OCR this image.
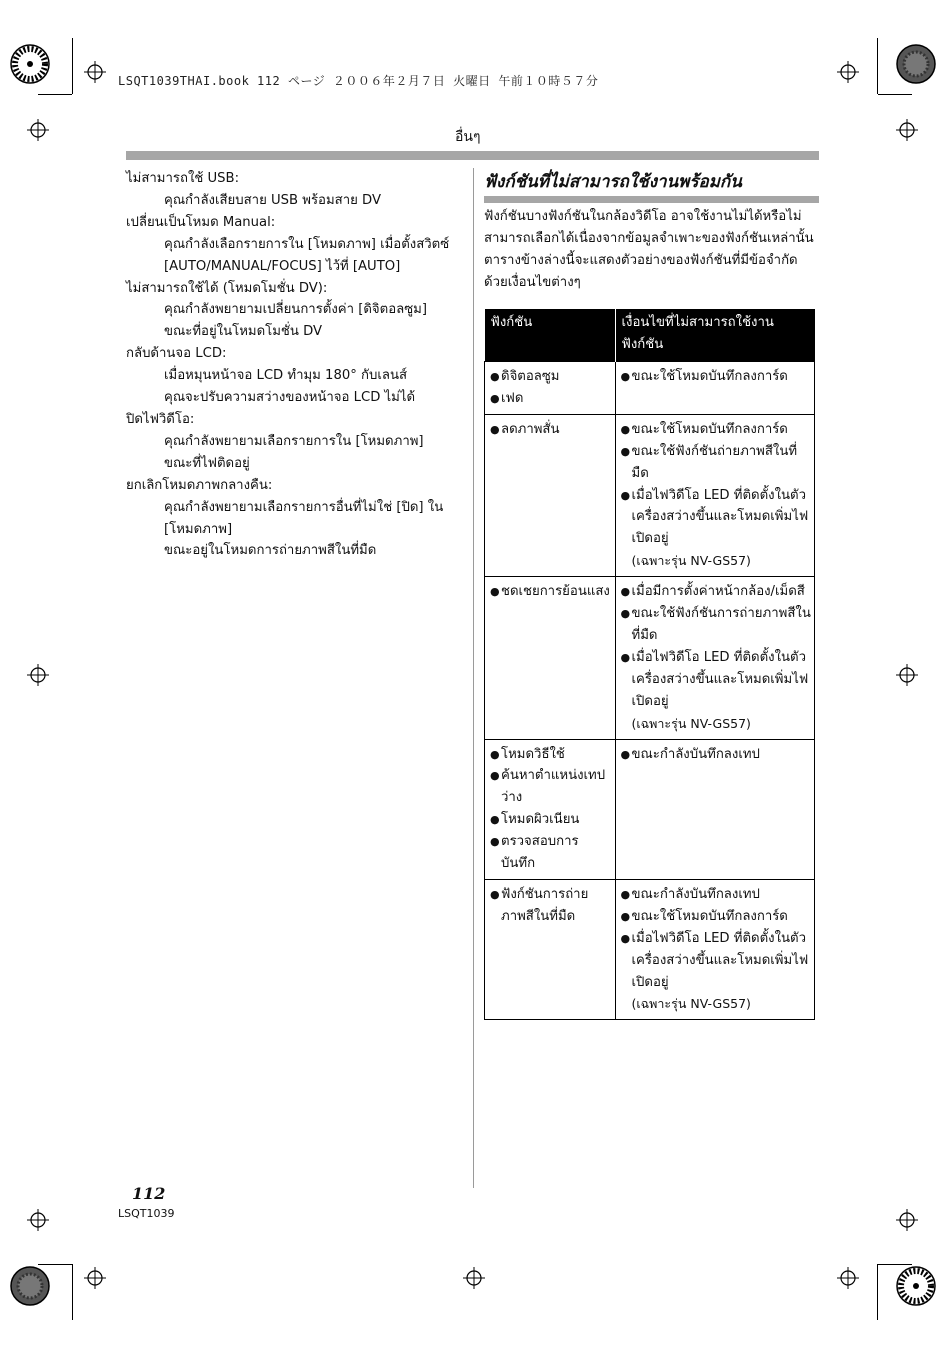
LSQT1039THAI.book 112 ページ ２００６年２月７日 火曜日 午前１０時５７分
อื่นๆ
ไม่สามารถใช้ USB:
คุณกำลังเสียบสาย USB พร้อมสาย DV
เปลี่ยนเป็นโหมด Manual:
คุณกำลังเลือกรายการใน [โหมดภาพ] เมื่อตั้งสวิตซ์ [AUTO/MANUAL/FOCUS] ไว้ที่ [AUTO]
ไม่สามารถใช้ได้ (โหมดโมชั่น DV):
คุณกำลังพยายามเปลี่ยนการตั้งค่า [ดิจิตอลซูม]
ขณะที่อยู่ในโหมดโมชั่น DV
กลับด้านจอ LCD:
เมื่อหมุนหน้าจอ LCD ทำมุม 180° กับเลนส์
คุณจะปรับความสว่างของหน้าจอ LCD ไม่ได้
ปิดไฟวิดีโอ:
คุณกำลังพยายามเลือกรายการใน [โหมดภาพ]
ขณะที่ไฟติดอยู่
ยกเลิกโหมดภาพกลางคืน:
คุณกำลังพยายามเลือกรายการอื่นที่ไม่ใช่ [ปิด] ใน [โหมดภาพ]
ขณะอยู่ในโหมดการถ่ายภาพสีในที่มืด
ฟังก์ชันที่ไม่สามารถใช้งานพร้อมกัน
ฟังก์ชันบางฟังก์ชันในกล้องวิดีโอ อาจใช้งานไม่ได้หรือไม่สามารถเลือกได้เนื่องจากข้อมูลจำเพาะของฟังก์ชันเหล่านั้น ตารางข้างล่างนี้จะแสดงตัวอย่างของฟังก์ชันที่มีข้อจำกัดด้วยเงื่อนไขต่างๆ
ฟังก์ชัน	เงื่อนไขที่ไม่สามารถใช้งานฟังก์ชัน

● ดิจิตอลซูม
● เฟด	● ขณะใช้โหมดบันทึกลงการ์ด

● ลดภาพสั่น	● ขณะใช้โหมดบันทึกลงการ์ด
● ขณะใช้ฟังก์ชันถ่ายภาพสีในที่มืด
● เมื่อไฟวิดีโอ LED ที่ติดตั้งในตัวเครื่องสว่างขึ้นและโหมดเพิ่มไฟเปิดอยู่
(เฉพาะรุ่น NV-GS57)

● ชดเชยการย้อนแสง	● เมื่อมีการตั้งค่าหน้ากล้อง/เม็ดสี
● ขณะใช้ฟังก์ชันการถ่ายภาพสีในที่มืด
● เมื่อไฟวิดีโอ LED ที่ติดตั้งในตัวเครื่องสว่างขึ้นและโหมดเพิ่มไฟเปิดอยู่
(เฉพาะรุ่น NV-GS57)

● โหมดวิธีใช้
● ค้นหาตำแหน่งเทปว่าง
● โหมดผิวเนียน
● ตรวจสอบการบันทึก	● ขณะกำลังบันทึกลงเทป

● ฟังก์ชันการถ่ายภาพสีในที่มืด	● ขณะกำลังบันทึกลงเทป
● ขณะใช้โหมดบันทึกลงการ์ด
● เมื่อไฟวิดีโอ LED ที่ติดตั้งในตัวเครื่องสว่างขึ้นและโหมดเพิ่มไฟเปิดอยู่
(เฉพาะรุ่น NV-GS57)
112
LSQT1039
